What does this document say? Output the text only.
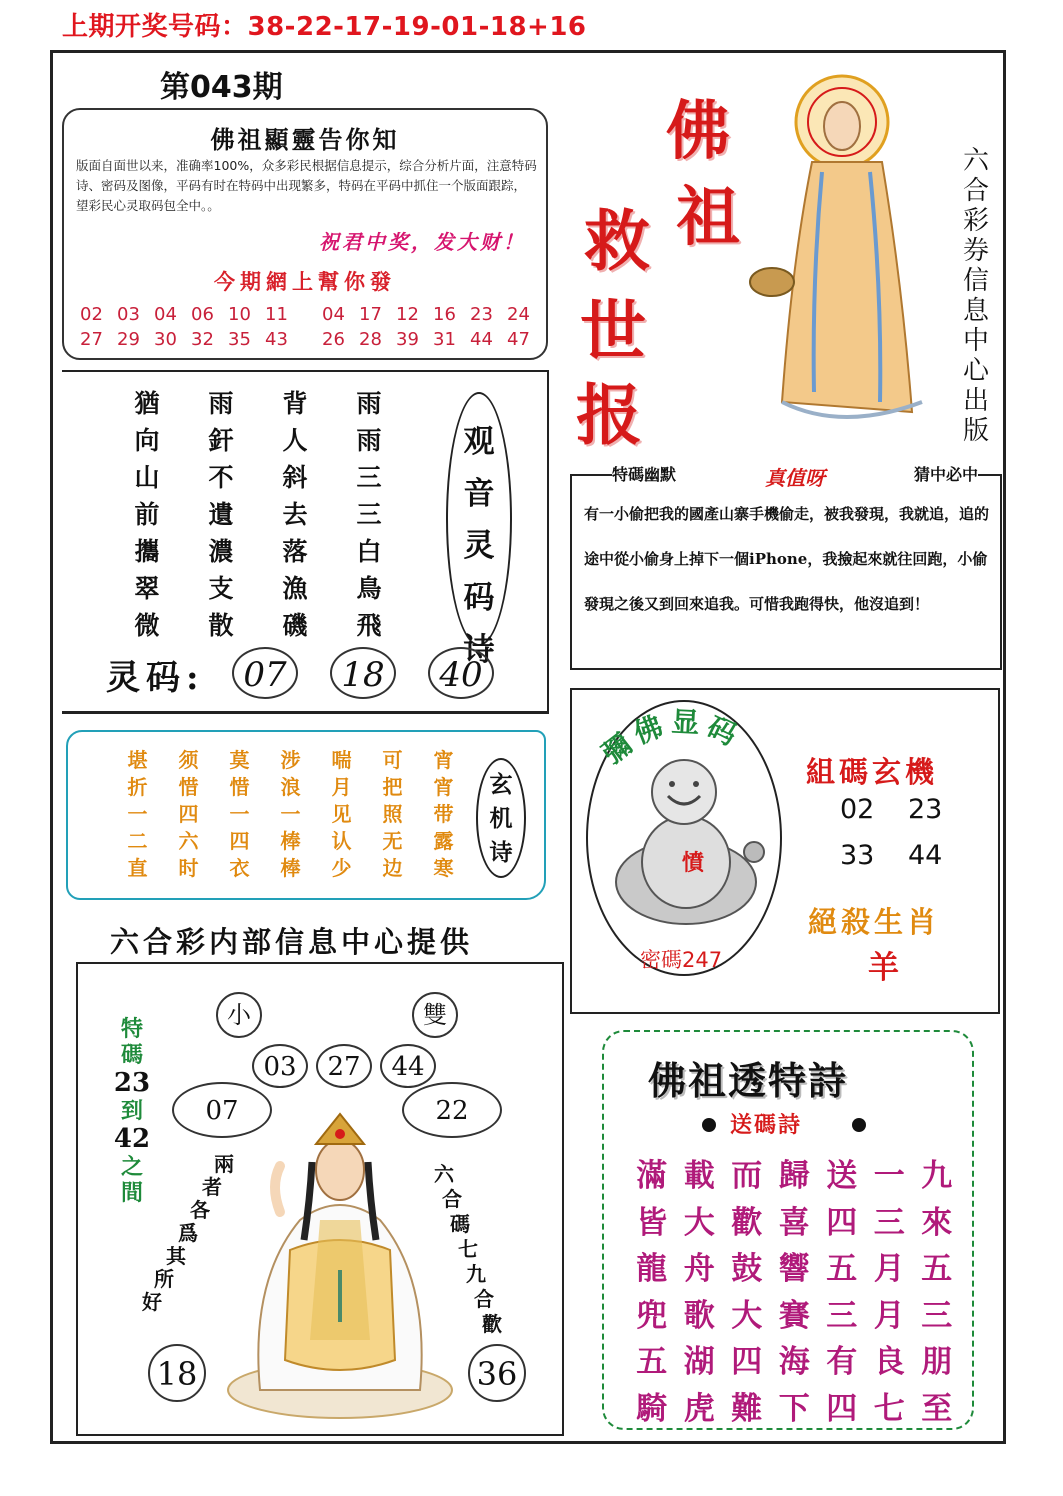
上期开奖号码：38-22-17-19-01-18+16
第043期
佛祖顯靈告你知
版面自面世以来，准确率100%，众多彩民根据信息提示，综合分析片面，注意特码诗、密码及图像，平码有时在特码中出现繁多，特码在平码中抓住一个版面跟踪，望彩民心灵取码包全中。。
祝君中奖，发大财！
今期網上幫你發
02 03 04 06 10 11
27 29 30 32 35 43
04 17 12 16 23 24
26 28 39 31 44 47
猶	雨	背	雨
向	釬	人	雨
山	不	斜	三
前	遺	去	三
攜	濃	落	白
翠	支	漁	鳥
微	散	磯	飛
观
音
灵
码
诗
灵码:	07	18	40
堪	须	莫	涉	喘	可	宵
折	惜	惜	浪	月	把	宵
一	四	一	一	见	照	带
二	六	四	棒	认	无	露
直	时	衣	棒	少	边	寒
玄
机
诗
六合彩内部信息中心提供
特
碼
23
到
42
之
間
小	雙
03	27	44
07	22
兩
者
各
爲
其
所
好
六
合
碼
七
九
合
歡
18	36
佛
祖
救
世
报
六
合
彩
券
信
息
中
心
出
版
特碼幽默	真值呀	猜中必中
有一小偷把我的國產山寨手機偷走，被我發現，我就追，追的途中從小偷身上掉下一個iPhone，我撿起來就往回跑，小偷發現之後又到回來追我。可惜我跑得快，他沒追到！
彌佛显码
憤
密碼247
組碼玄機
02	23
33	44
絕殺生肖
羊
佛祖透特詩
送碼詩
滿 載 而 歸 送 一 九
皆 大 歡 喜 四 三 來
龍 舟 鼓 響 五 月 五
兜 歌 大 賽 三 月 三
五 湖 四 海 有 良 朋
騎 虎 難 下 四 七 至
